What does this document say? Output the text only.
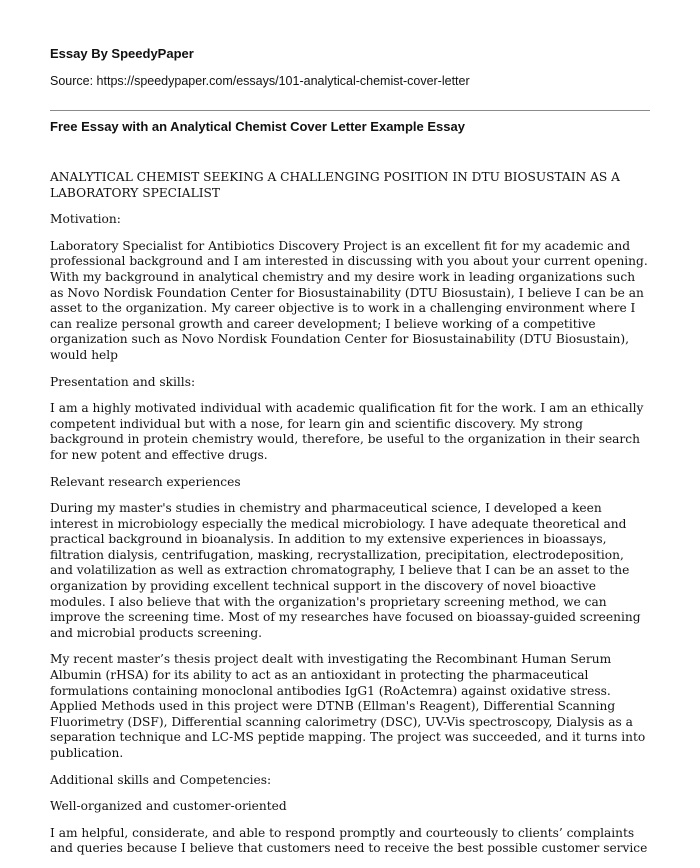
Essay By SpeedyPaper
Source: https://speedypaper.com/essays/101-analytical-chemist-cover-letter
Free Essay with an Analytical Chemist Cover Letter Example Essay

ANALYTICAL CHEMIST SEEKING A CHALLENGING POSITION IN DTU BIOSUSTAIN AS A LABORATORY SPECIALIST

Motivation:

Laboratory Specialist for Antibiotics Discovery Project is an excellent fit for my academic and professional background and I am interested in discussing with you about your current opening. With my background in analytical chemistry and my desire work in leading organizations such as Novo Nordisk Foundation Center for Biosustainability (DTU Biosustain), I believe I can be an asset to the organization. My career objective is to work in a challenging environment where I can realize personal growth and career development; I believe working of a competitive organization such as Novo Nordisk Foundation Center for Biosustainability (DTU Biosustain), would help

Presentation and skills:

I am a highly motivated individual with academic qualification fit for the work. I am an ethically competent individual but with a nose, for learn gin and scientific discovery. My strong background in protein chemistry would, therefore, be useful to the organization in their search for new potent and effective drugs.

Relevant research experiences

During my master's studies in chemistry and pharmaceutical science, I developed a keen interest in microbiology especially the medical microbiology. I have adequate theoretical and practical background in bioanalysis. In addition to my extensive experiences in bioassays, filtration dialysis, centrifugation, masking, recrystallization, precipitation, electrodeposition, and volatilization as well as extraction chromatography, I believe that I can be an asset to the organization by providing excellent technical support in the discovery of novel bioactive modules. I also believe that with the organization's proprietary screening method, we can improve the screening time. Most of my researches have focused on bioassay-guided screening and microbial products screening.

My recent master’s thesis project dealt with investigating the Recombinant Human Serum Albumin (rHSA) for its ability to act as an antioxidant in protecting the pharmaceutical formulations containing monoclonal antibodies IgG1 (RoActemra) against oxidative stress. Applied Methods used in this project were DTNB (Ellman's Reagent), Differential Scanning Fluorimetry (DSF), Differential scanning calorimetry (DSC), UV-Vis spectroscopy, Dialysis as a separation technique and LC-MS peptide mapping. The project was succeeded, and it turns into publication.

Additional skills and Competencies:

Well-organized and customer-oriented

I am helpful, considerate, and able to respond promptly and courteously to clients’ complaints and queries because I believe that customers need to receive the best possible customer service
